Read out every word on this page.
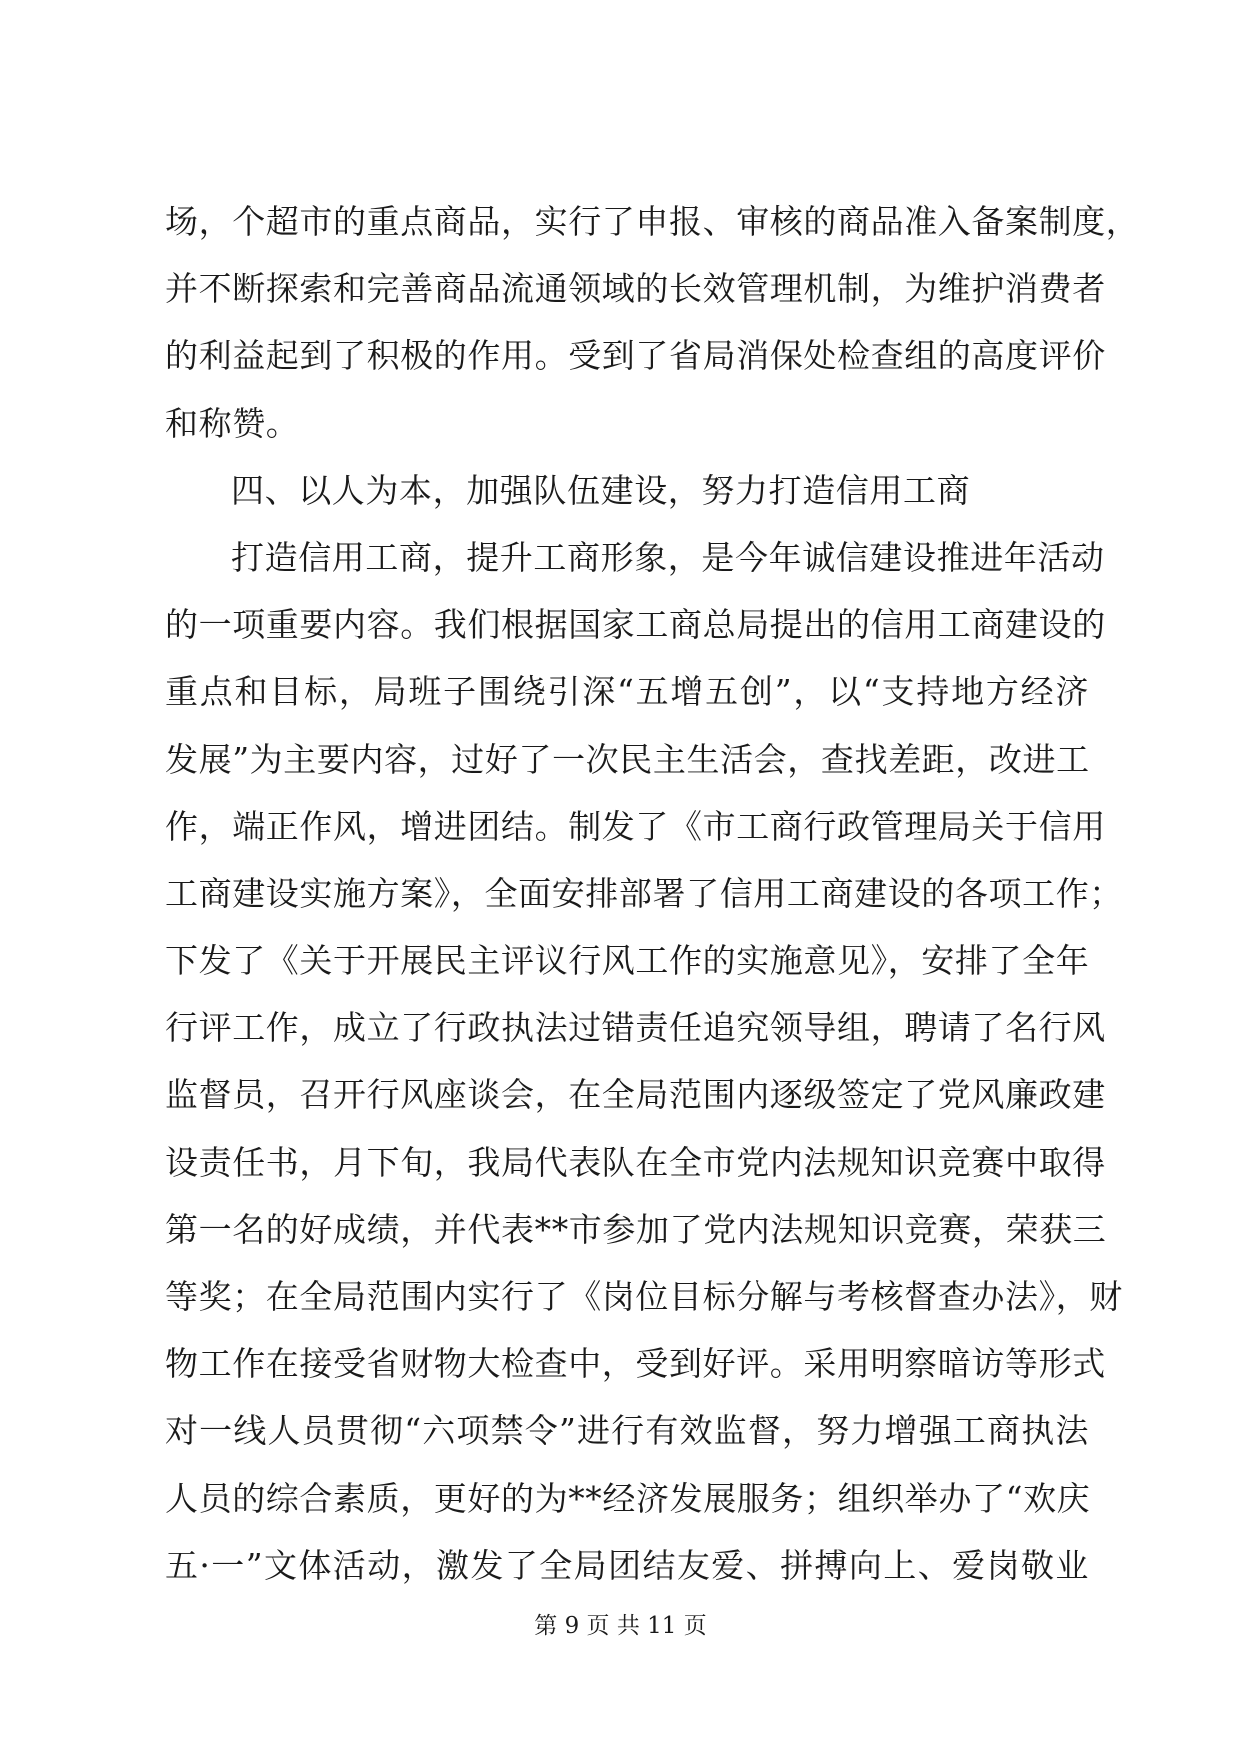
场，个超市的重点商品，实行了申报、审核的商品准入备案制度，
并不断探索和完善商品流通领域的长效管理机制，为维护消费者
的利益起到了积极的作用。受到了省局消保处检查组的高度评价
和称赞。
四、以人为本，加强队伍建设，努力打造信用工商
打造信用工商，提升工商形象，是今年诚信建设推进年活动
的一项重要内容。我们根据国家工商总局提出的信用工商建设的
重点和目标，局班子围绕引深“五增五创”，以“支持地方经济
发展”为主要内容，过好了一次民主生活会，查找差距，改进工
作，端正作风，增进团结。制发了《市工商行政管理局关于信用
工商建设实施方案》，全面安排部署了信用工商建设的各项工作；
下发了《关于开展民主评议行风工作的实施意见》，安排了全年
行评工作，成立了行政执法过错责任追究领导组，聘请了名行风
监督员，召开行风座谈会，在全局范围内逐级签定了党风廉政建
设责任书，月下旬，我局代表队在全市党内法规知识竞赛中取得
第一名的好成绩，并代表**市参加了党内法规知识竞赛，荣获三
等奖；在全局范围内实行了《岗位目标分解与考核督查办法》，财
物工作在接受省财物大检查中，受到好评。采用明察暗访等形式
对一线人员贯彻“六项禁令”进行有效监督，努力增强工商执法
人员的综合素质，更好的为**经济发展服务；组织举办了“欢庆
五·一”文体活动，激发了全局团结友爱、拼搏向上、爱岗敬业
第 9 页 共 11 页
